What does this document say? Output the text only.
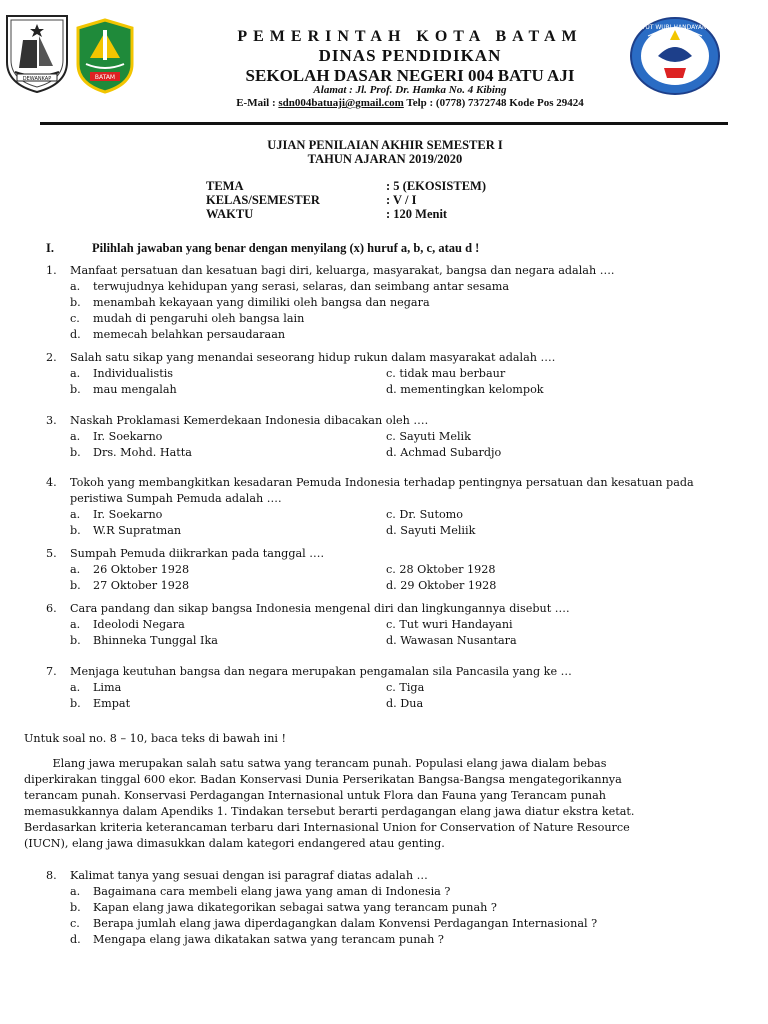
DEWANKAP	BATAM
TUT WURI HANDAYANI
PEMERINTAH KOTA BATAM
DINAS PENDIDIKAN
SEKOLAH DASAR NEGERI 004 BATU AJI
Alamat : Jl. Prof. Dr. Hamka No. 4 Kibing
E-Mail : sdn004batuaji@gmail.com Telp : (0778) 7372748 Kode Pos 29424
UJIAN PENILAIAN AKHIR SEMESTER I
TAHUN AJARAN 2019/2020
TEMA	: 5 (EKOSISTEM)
KELAS/SEMESTER	: V / I
WAKTU	: 120 Menit
I.	Pilihlah jawaban yang benar dengan menyilang (x) huruf a, b, c, atau d !
1. Manfaat persatuan dan kesatuan bagi diri, keluarga, masyarakat, bangsa dan negara adalah ….
a. terwujudnya kehidupan yang serasi, selaras, dan seimbang antar sesama
b. menambah kekayaan yang dimiliki oleh bangsa dan negara
c. mudah di pengaruhi oleh bangsa lain
d. memecah belahkan persaudaraan
2. Salah satu sikap yang menandai seseorang hidup rukun dalam masyarakat adalah ….
a. Individualistis	c. tidak mau berbaur
b. mau mengalah	d. mementingkan kelompok
3. Naskah Proklamasi Kemerdekaan Indonesia dibacakan oleh ….
a. Ir. Soekarno	c. Sayuti Melik
b. Drs. Mohd. Hatta	d. Achmad Subardjo
4. Tokoh yang membangkitkan kesadaran Pemuda Indonesia terhadap pentingnya persatuan dan kesatuan pada
peristiwa Sumpah Pemuda adalah ….
a. Ir. Soekarno	c. Dr. Sutomo
b. W.R Supratman	d. Sayuti Meliik
5. Sumpah Pemuda diikrarkan pada tanggal ….
a. 26 Oktober 1928	c. 28 Oktober 1928
b. 27 Oktober 1928	d. 29 Oktober 1928
6. Cara pandang dan sikap bangsa Indonesia mengenal diri dan lingkungannya disebut ….
a. Ideolodi Negara	c. Tut wuri Handayani
b. Bhinneka Tunggal Ika	d. Wawasan Nusantara
7. Menjaga keutuhan bangsa dan negara merupakan pengamalan sila Pancasila yang ke …
a. Lima	c. Tiga
b. Empat	d. Dua
Untuk soal no. 8 – 10, baca teks di bawah ini !
Elang jawa merupakan salah satu satwa yang terancam punah. Populasi elang jawa dialam bebas
diperkirakan tinggal 600 ekor. Badan Konservasi Dunia Perserikatan Bangsa-Bangsa mengategorikannya
terancam punah. Konservasi Perdagangan Internasional untuk Flora dan Fauna yang Terancam punah
memasukkannya dalam Apendiks 1. Tindakan tersebut berarti perdagangan elang jawa diatur ekstra ketat.
Berdasarkan kriteria keterancaman terbaru dari Internasional Union for Conservation of Nature Resource
(IUCN), elang jawa dimasukkan dalam kategori endangered atau genting.
8. Kalimat tanya yang sesuai dengan isi paragraf diatas adalah …
a. Bagaimana cara membeli elang jawa yang aman di Indonesia ?
b. Kapan elang jawa dikategorikan sebagai satwa yang terancam punah ?
c. Berapa jumlah elang jawa diperdagangkan dalam Konvensi Perdagangan Internasional ?
d. Mengapa elang jawa dikatakan satwa yang terancam punah ?
